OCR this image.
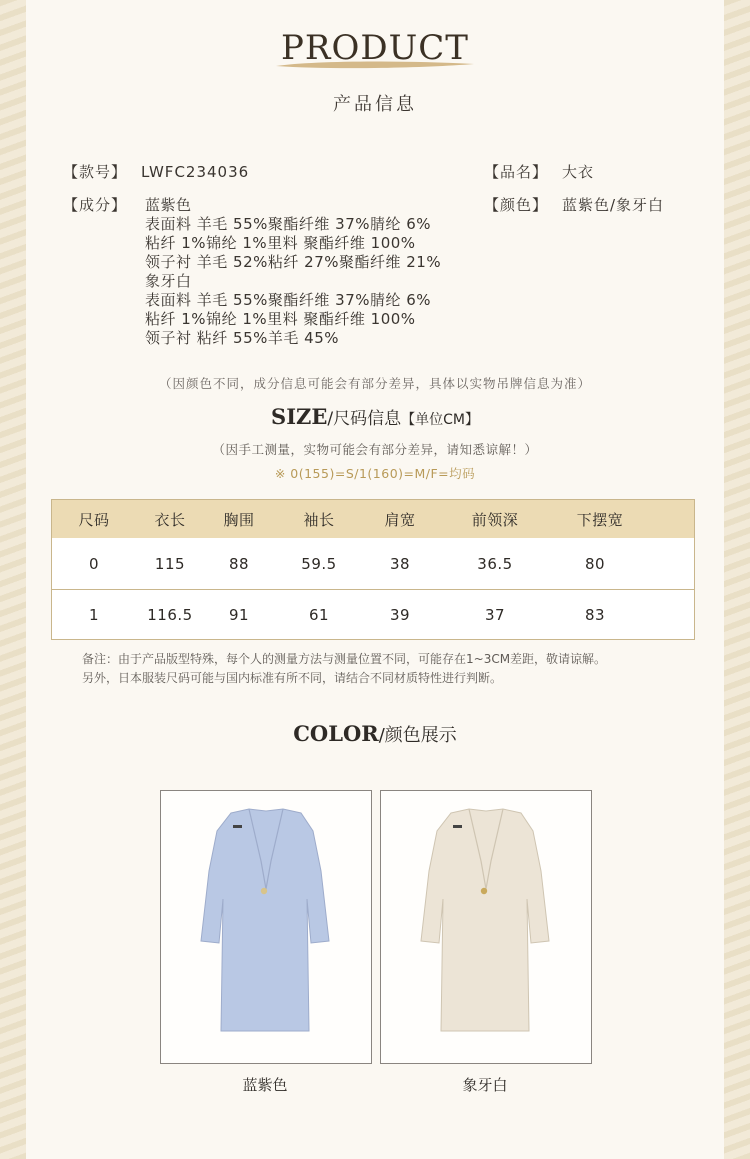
PRODUCT
产品信息
【款号】 LWFC234036	【品名】 大衣
【成分】 蓝紫色
表面料 羊毛 55%聚酯纤维 37%腈纶 6%
粘纤 1%锦纶 1%里料 聚酯纤维 100%
领子衬 羊毛 52%粘纤 27%聚酯纤维 21%
象牙白
表面料 羊毛 55%聚酯纤维 37%腈纶 6%
粘纤 1%锦纶 1%里料 聚酯纤维 100%
领子衬 粘纤 55%羊毛 45%
【颜色】 蓝紫色/象牙白
（因颜色不同，成分信息可能会有部分差异，具体以实物吊牌信息为准）
SIZE/尺码信息【单位CM】
（因手工测量，实物可能会有部分差异，请知悉谅解！）
※ 0(155)=S/1(160)=M/F=均码
尺码	衣长	胸围	袖长	肩宽	前领深	下摆宽
0	115	88	59.5	38	36.5	80
1	116.5	91	61	39	37	83
备注：由于产品版型特殊，每个人的测量方法与测量位置不同，可能存在1~3CM差距，敬请谅解。
另外，日本服装尺码可能与国内标准有所不同，请结合不同材质特性进行判断。
COLOR/颜色展示
蓝紫色	象牙白
